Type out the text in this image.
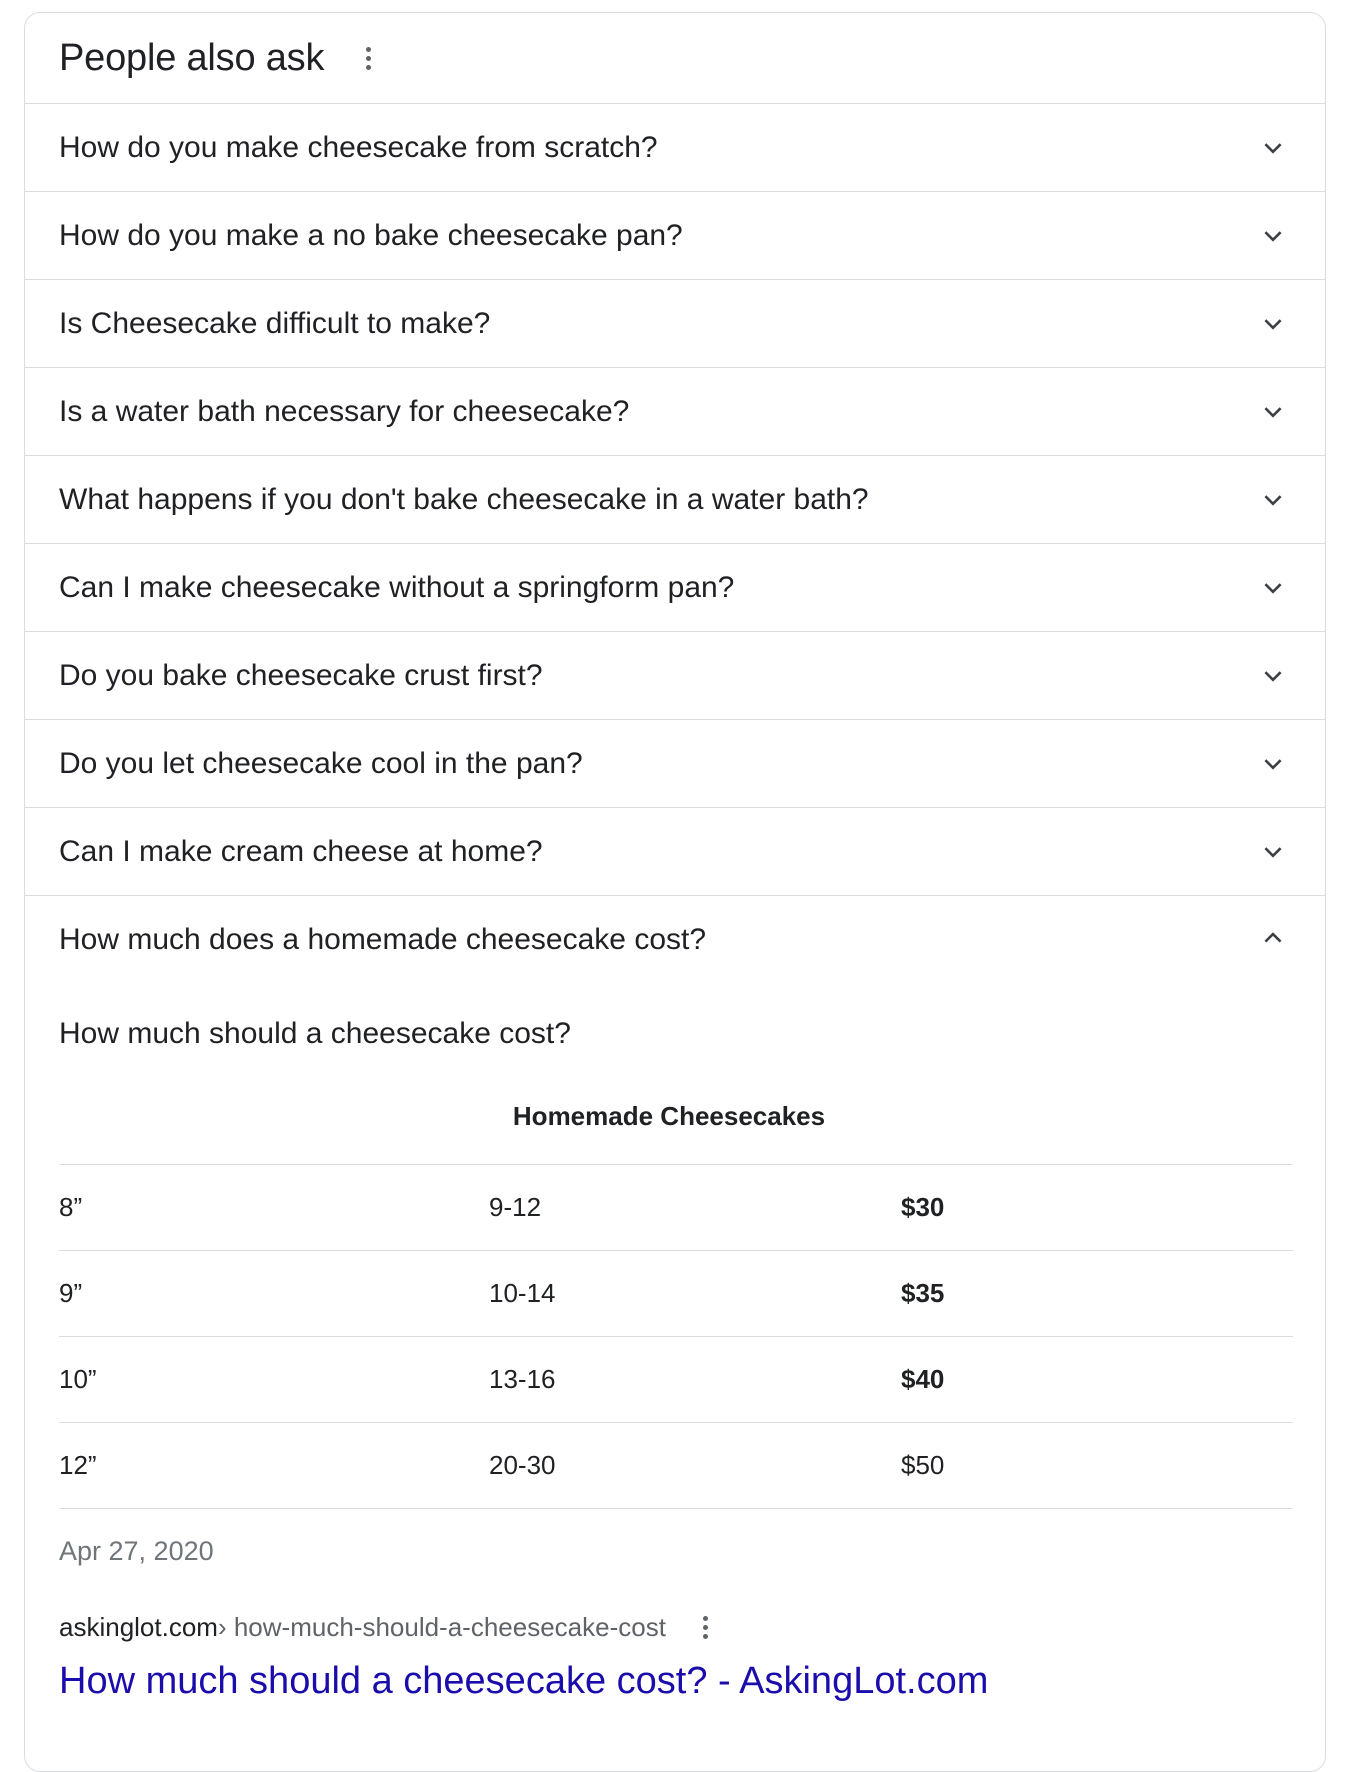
People also ask
How do you make cheesecake from scratch?
How do you make a no bake cheesecake pan?
Is Cheesecake difficult to make?
Is a water bath necessary for cheesecake?
What happens if you don't bake cheesecake in a water bath?
Can I make cheesecake without a springform pan?
Do you bake cheesecake crust first?
Do you let cheesecake cool in the pan?
Can I make cream cheese at home?
How much does a homemade cheesecake cost?
How much should a cheesecake cost?
Homemade Cheesecakes
8”	9-12	$30
9”	10-14	$35
10”	13-16	$40
12”	20-30	$50
Apr 27, 2020
askinglot.com › how-much-should-a-cheesecake-cost
How much should a cheesecake cost? - AskingLot.com
